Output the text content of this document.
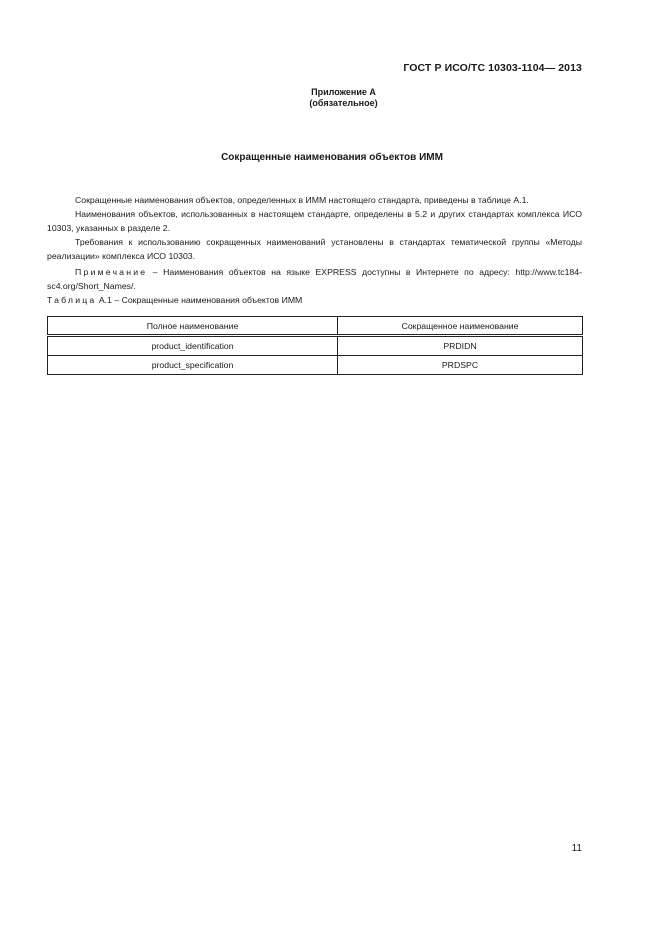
ГОСТ Р ИСО/ТС 10303-1104— 2013
Приложение А
(обязательное)
Сокращенные наименования объектов ИММ

Сокращенные наименования объектов, определенных в ИММ настоящего стандарта, приведены в таблице А.1.

Наименования объектов, использованных в настоящем стандарте, определены в 5.2 и других стандартах комплекса ИСО 10303, указанных в разделе 2.

Требования к использованию сокращенных наименований установлены в стандартах тематической группы «Методы реализации» комплекса ИСО 10303.

Примечание – Наименования объектов на языке EXPRESS доступны в Интернете по адресу: http://www.tc184-sc4.org/Short_Names/.

Таблица А.1 – Сокращенные наименования объектов ИММ

Полное наименование	Сокращенное наименование
product_identification	PRDIDN
product_specification	PRDSPC
11
